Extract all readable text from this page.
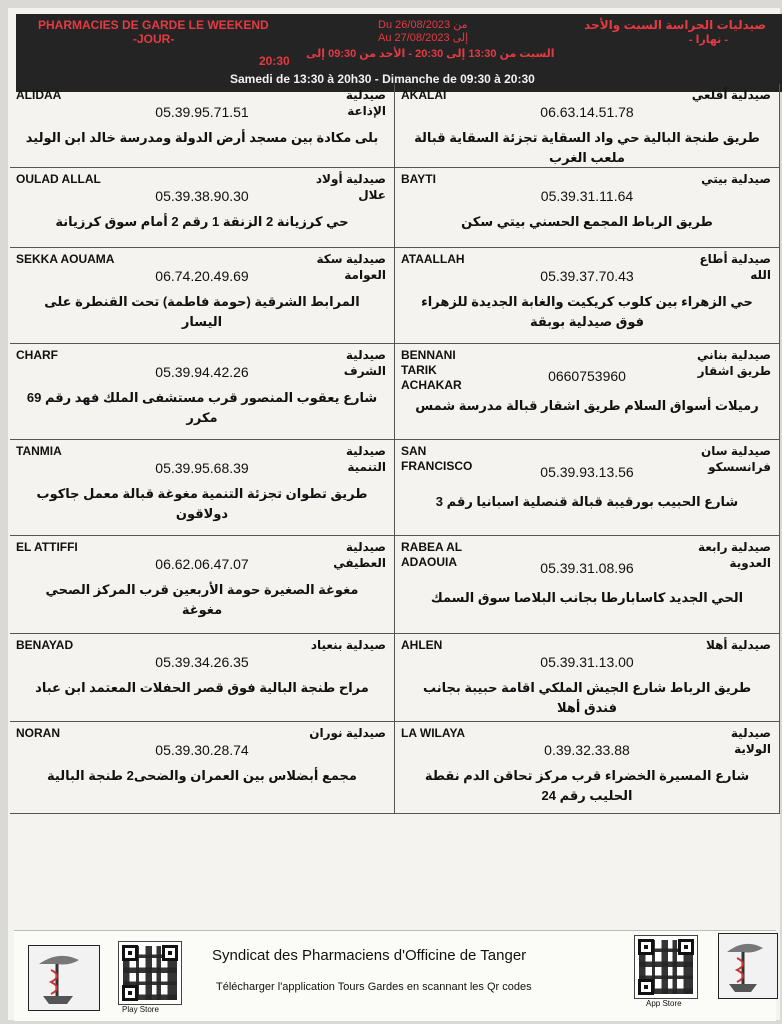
PHARMACIES DE GARDE LE WEEKEND
-JOUR-
Du 26/08/2023 من
Au 27/08/2023 إلى
صيدليات الحراسة السبت والأحد
- نهارا -
السبت من 13:30 إلى 20:30 - الأحد من 09:30 إلى
20:30
Samedi de 13:30 à 20h30 - Dimanche de 09:30 à 20:30
ALIDAA	صيدلية الإذاعة
05.39.95.71.51
بلى مكادة بين مسجد أرض الدولة ومدرسة خالد ابن الوليد
AKALAI	صيدلية أقلعي
06.63.14.51.78
طريق طنجة البالية حي واد السقاية تجزئة السقاية قبالة ملعب الغرب
OULAD ALLAL	صيدلية أولاد علال
05.39.38.90.30
حي كرزيانة 2 الزنقة 1 رقم 2 أمام سوق كرزيانة
BAYTI	صيدلية بيتي
05.39.31.11.64
طريق الرباط المجمع الحسني بيتي سكن
SEKKA AOUAMA	صيدلية سكة العوامة
06.74.20.49.69
المرابط الشرقية (حومة فاطمة) تحت القنطرة على اليسار
ATAALLAH	صيدلية أطاع الله
05.39.37.70.43
حي الزهراء بين كلوب كريكيت والغابة الجديدة للزهراء فوق صيدلية بوبقة
CHARF	صيدلية الشرف
05.39.94.42.26
شارع يعقوب المنصور قرب مستشفى الملك فهد رقم 69 مكرر
BENNANI TARIK ACHAKAR
صيدلية بناني طريق اشقار
0660753960
رميلات أسواق السلام طريق اشقار قبالة مدرسة شمس
TANMIA	صيدلية التنمية
05.39.95.68.39
طريق تطوان تجزئة التنمية مغوغة قبالة معمل جاكوب دولاقون
SAN FRANCISCO
صيدلية سان فرانسسكو
05.39.93.13.56
شارع الحبيب بورقيبة قبالة قنصلية اسبانيا رقم 3
EL ATTIFFI	صيدلية العطيفي
06.62.06.47.07
مغوغة الصغيرة حومة الأربعين قرب المركز الصحي مغوغة
RABEA AL ADAOUIA
صيدلية رابعة العدوية
05.39.31.08.96
الحي الجديد كاسابارطا بجانب البلاصا سوق السمك
BENAYAD	صيدلية بنعياد
05.39.34.26.35
مراح طنجة البالية فوق قصر الحفلات المعتمد ابن عباد
AHLEN	صيدلية أهلا
05.39.31.13.00
طريق الرباط شارع الجيش الملكي اقامة حبيبة بجانب فندق أهلا
NORAN	صيدلية نوران
05.39.30.28.74
مجمع أبضلاس بين العمران والضحى2 طنجة البالية
LA WILAYA	صيدلية الولاية
0.39.32.33.88
شارع المسيرة الخضراء قرب مركز تحاقن الدم نقطة الحليب رقم 24
Play Store
Syndicat des Pharmaciens d'Officine de Tanger
Télécharger l'application Tours Gardes en scannant les Qr codes
App Store
